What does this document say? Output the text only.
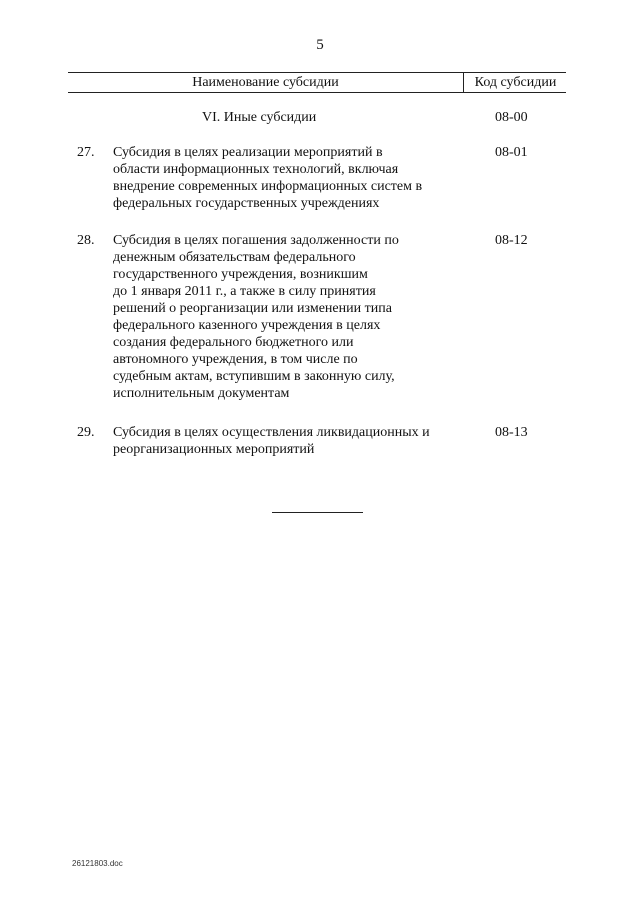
5
Наименование субсидии	Код субсидии
VI. Иные субсидии	08-00
27. Субсидия в целях реализации мероприятий в
области информационных технологий, включая
внедрение современных информационных систем в
федеральных государственных учреждениях
08-01
28. Субсидия в целях погашения задолженности по
денежным обязательствам федерального
государственного учреждения, возникшим
до 1 января 2011 г., а также в силу принятия
решений о реорганизации или изменении типа
федерального казенного учреждения в целях
создания федерального бюджетного или
автономного учреждения, в том числе по
судебным актам, вступившим в законную силу,
исполнительным документам
08-12
29. Субсидия в целях осуществления ликвидационных и
реорганизационных мероприятий
08-13
26121803.doc
